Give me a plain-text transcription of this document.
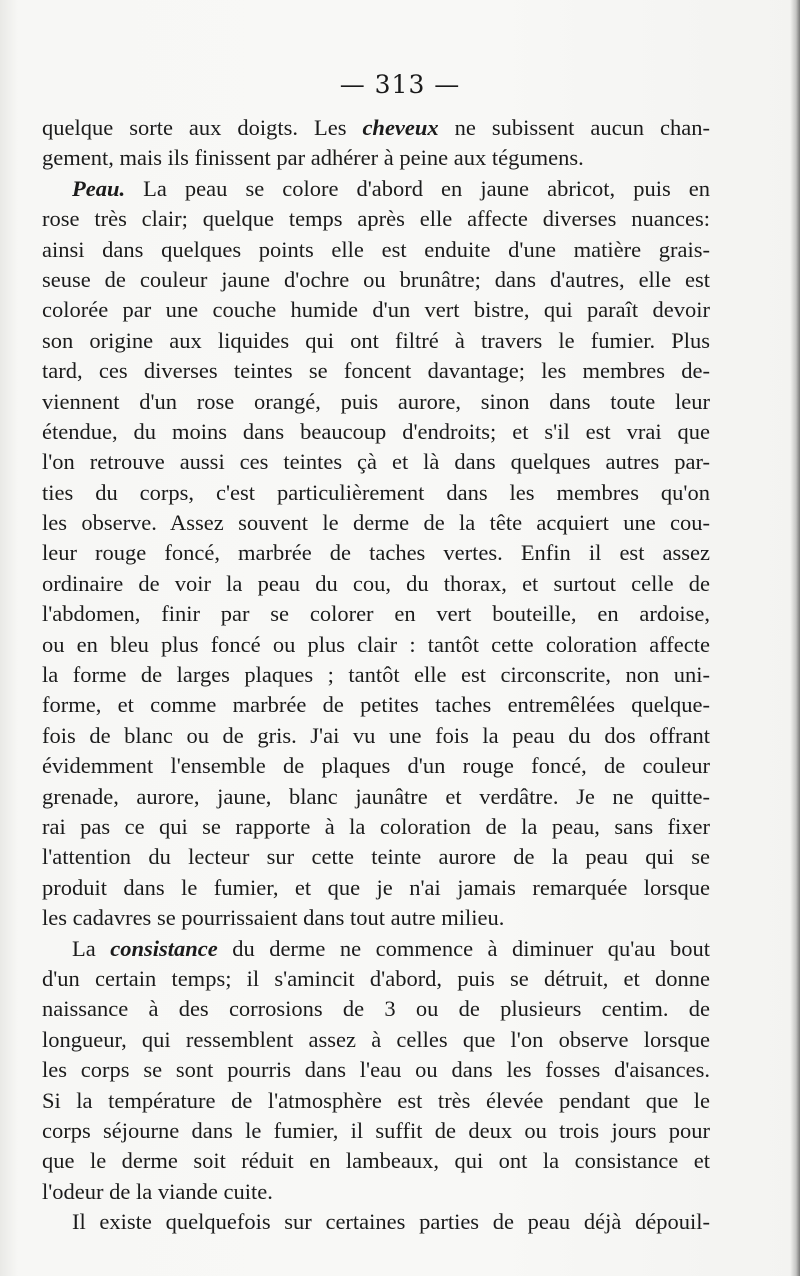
— 313 —
quelque sorte aux doigts. Les cheveux ne subissent aucun chan-
gement, mais ils finissent par adhérer à peine aux tégumens.
Peau. La peau se colore d'abord en jaune abricot, puis en
rose très clair; quelque temps après elle affecte diverses nuances:
ainsi dans quelques points elle est enduite d'une matière grais-
seuse de couleur jaune d'ochre ou brunâtre; dans d'autres, elle est
colorée par une couche humide d'un vert bistre, qui paraît devoir
son origine aux liquides qui ont filtré à travers le fumier. Plus
tard, ces diverses teintes se foncent davantage; les membres de-
viennent d'un rose orangé, puis aurore, sinon dans toute leur
étendue, du moins dans beaucoup d'endroits; et s'il est vrai que
l'on retrouve aussi ces teintes çà et là dans quelques autres par-
ties du corps, c'est particulièrement dans les membres qu'on
les observe. Assez souvent le derme de la tête acquiert une cou-
leur rouge foncé, marbrée de taches vertes. Enfin il est assez
ordinaire de voir la peau du cou, du thorax, et surtout celle de
l'abdomen, finir par se colorer en vert bouteille, en ardoise,
ou en bleu plus foncé ou plus clair : tantôt cette coloration affecte
la forme de larges plaques ; tantôt elle est circonscrite, non uni-
forme, et comme marbrée de petites taches entremêlées quelque-
fois de blanc ou de gris. J'ai vu une fois la peau du dos offrant
évidemment l'ensemble de plaques d'un rouge foncé, de couleur
grenade, aurore, jaune, blanc jaunâtre et verdâtre. Je ne quitte-
rai pas ce qui se rapporte à la coloration de la peau, sans fixer
l'attention du lecteur sur cette teinte aurore de la peau qui se
produit dans le fumier, et que je n'ai jamais remarquée lorsque
les cadavres se pourrissaient dans tout autre milieu.
La consistance du derme ne commence à diminuer qu'au bout
d'un certain temps; il s'amincit d'abord, puis se détruit, et donne
naissance à des corrosions de 3 ou de plusieurs centim. de
longueur, qui ressemblent assez à celles que l'on observe lorsque
les corps se sont pourris dans l'eau ou dans les fosses d'aisances.
Si la température de l'atmosphère est très élevée pendant que le
corps séjourne dans le fumier, il suffit de deux ou trois jours pour
que le derme soit réduit en lambeaux, qui ont la consistance et
l'odeur de la viande cuite.
Il existe quelquefois sur certaines parties de peau déjà dépouil-
